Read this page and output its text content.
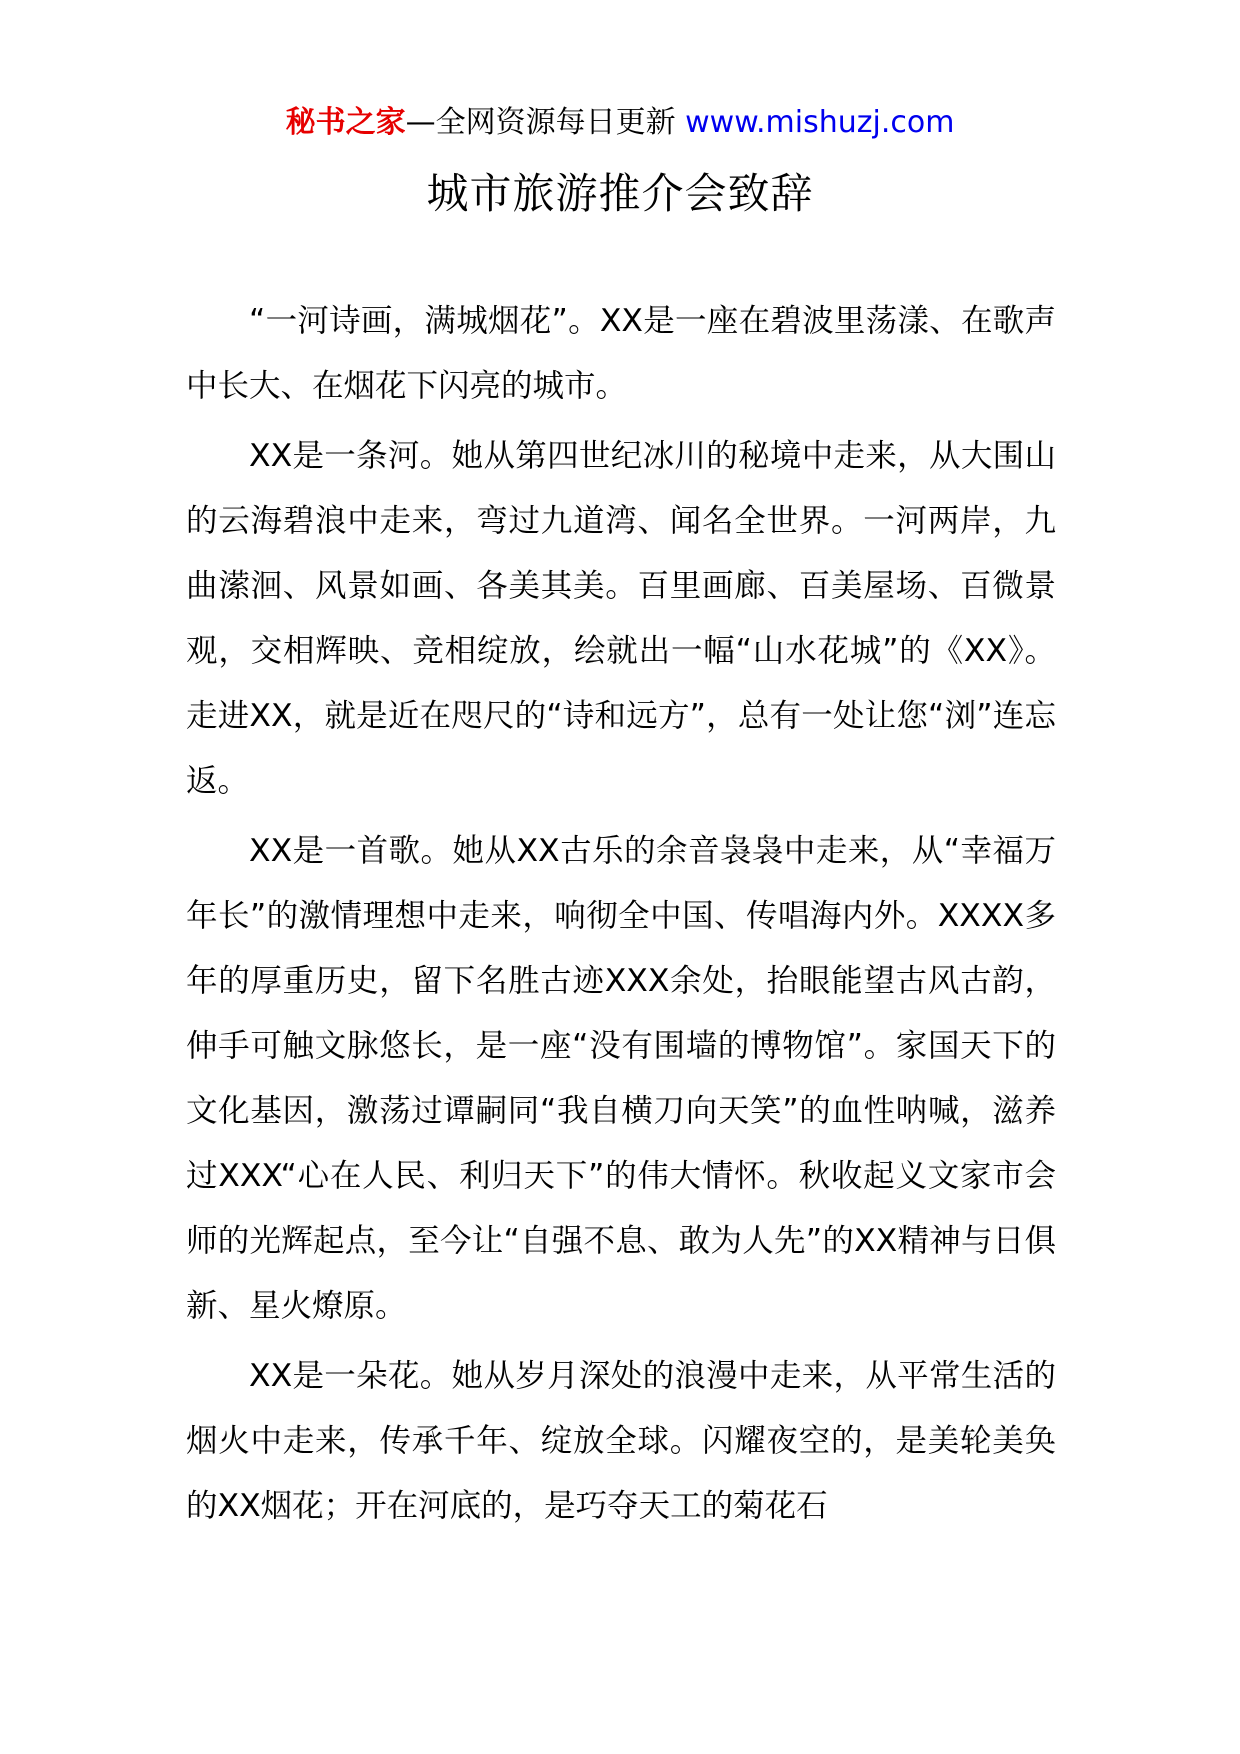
秘书之家—全网资源每日更新 www.mishuzj.com
城市旅游推介会致辞

“一河诗画，满城烟花”。XX是一座在碧波里荡漾、在歌声中长大、在烟花下闪亮的城市。

XX是一条河。她从第四世纪冰川的秘境中走来，从大围山的云海碧浪中走来，弯过九道湾、闻名全世界。一河两岸，九曲潆洄、风景如画、各美其美。百里画廊、百美屋场、百微景观，交相辉映、竞相绽放，绘就出一幅“山水花城”的《XX》。走进XX，就是近在咫尺的“诗和远方”，总有一处让您“浏”连忘返。

XX是一首歌。她从XX古乐的余音袅袅中走来，从“幸福万年长”的激情理想中走来，响彻全中国、传唱海内外。XXXX多年的厚重历史，留下名胜古迹XXX余处，抬眼能望古风古韵，伸手可触文脉悠长，是一座“没有围墙的博物馆”。家国天下的文化基因，激荡过谭嗣同“我自横刀向天笑”的血性呐喊，滋养过XXX“心在人民、利归天下”的伟大情怀。秋收起义文家市会师的光辉起点，至今让“自强不息、敢为人先”的XX精神与日俱新、星火燎原。

XX是一朵花。她从岁月深处的浪漫中走来，从平常生活的烟火中走来，传承千年、绽放全球。闪耀夜空的，是美轮美奂的XX烟花；开在河底的，是巧夺天工的菊花石
